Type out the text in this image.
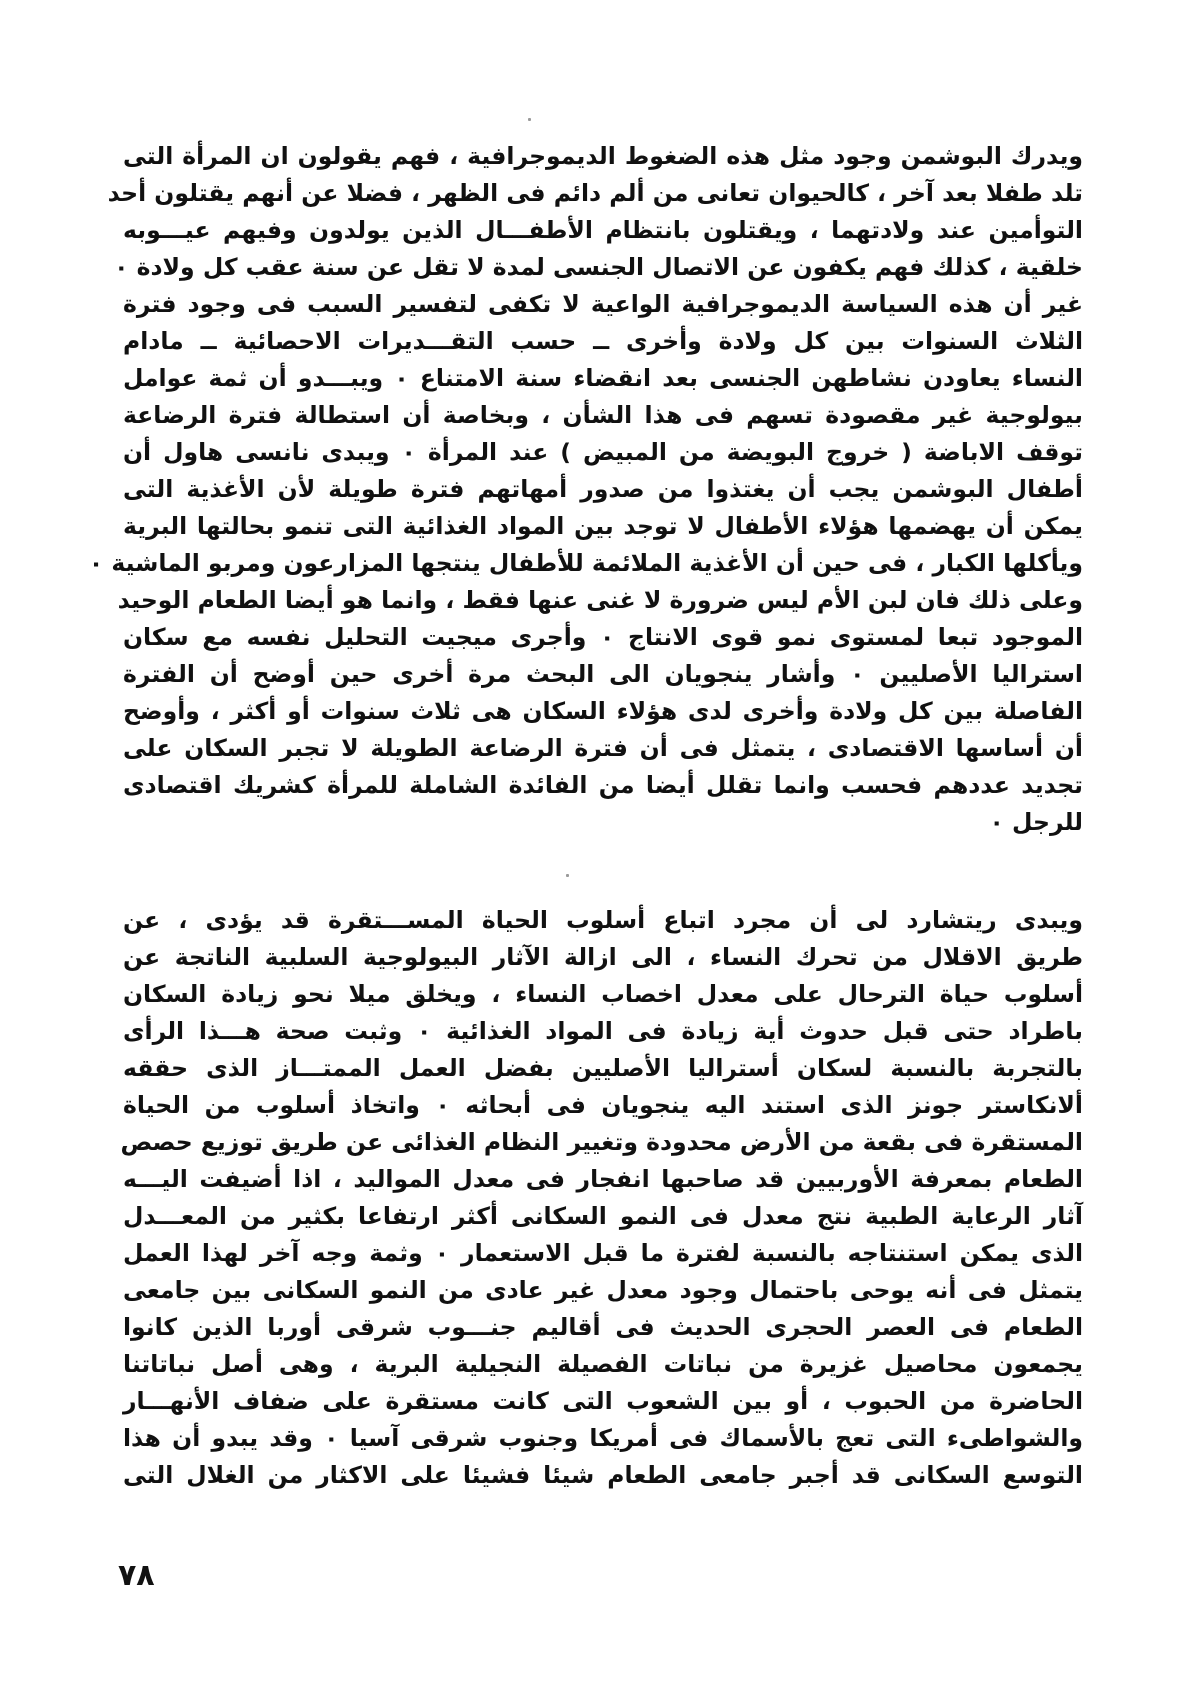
ويدرك البوشمن وجود مثل هذه الضغوط الديموجرافية ، فهم يقولون ان المرأة التى
تلد طفلا بعد آخر ، كالحيوان تعانى من ألم دائم فى الظهر ، فضلا عن أنهم يقتلون أحد
التوأمين عند ولادتهما ، ويقتلون بانتظام الأطفـــال الذين يولدون وفيهم عيـــوبه
خلقية ، كذلك فهم يكفون عن الاتصال الجنسى لمدة لا تقل عن سنة عقب كل ولادة ٠
غير أن هذه السياسة الديموجرافية الواعية لا تكفى لتفسير السبب فى وجود فترة
الثلاث السنوات بين كل ولادة وأخرى ــ حسب التقـــديرات الاحصائية ــ مادام
النساء يعاودن نشاطهن الجنسى بعد انقضاء سنة الامتناع ٠ ويبـــدو أن ثمة عوامل
بيولوجية غير مقصودة تسهم فى هذا الشأن ، وبخاصة أن استطالة فترة الرضاعة
توقف الاباضة ( خروج البويضة من المبيض ) عند المرأة ٠ ويبدى نانسى هاول أن
أطفال البوشمن يجب أن يغتذوا من صدور أمهاتهم فترة طويلة لأن الأغذية التى
يمكن أن يهضمها هؤلاء الأطفال لا توجد بين المواد الغذائية التى تنمو بحالتها البرية
ويأكلها الكبار ، فى حين أن الأغذية الملائمة للأطفال ينتجها المزارعون ومربو الماشية ٠
وعلى ذلك فان لبن الأم ليس ضرورة لا غنى عنها فقط ، وانما هو أيضا الطعام الوحيد
الموجود تبعا لمستوى نمو قوى الانتاج ٠ وأجرى ميجيت التحليل نفسه مع سكان
استراليا الأصليين ٠ وأشار ينجويان الى البحث مرة أخرى حين أوضح أن الفترة
الفاصلة بين كل ولادة وأخرى لدى هؤلاء السكان هى ثلاث سنوات أو أكثر ، وأوضح
أن أساسها الاقتصادى ، يتمثل فى أن فترة الرضاعة الطويلة لا تجبر السكان على
تجديد عددهم فحسب وانما تقلل أيضا من الفائدة الشاملة للمرأة كشريك اقتصادى
للرجل ٠
ويبدى ريتشارد لى أن مجرد اتباع أسلوب الحياة المســـتقرة قد يؤدى ، عن
طريق الاقلال من تحرك النساء ، الى ازالة الآثار البيولوجية السلبية الناتجة عن
أسلوب حياة الترحال على معدل اخصاب النساء ، ويخلق ميلا نحو زيادة السكان
باطراد حتى قبل حدوث أية زيادة فى المواد الغذائية ٠ وثبت صحة هـــذا الرأى
بالتجربة بالنسبة لسكان أستراليا الأصليين بفضل العمل الممتـــاز الذى حققه
ألانكاستر جونز الذى استند اليه ينجويان فى أبحاثه ٠ واتخاذ أسلوب من الحياة
المستقرة فى بقعة من الأرض محدودة وتغيير النظام الغذائى عن طريق توزيع حصص
الطعام بمعرفة الأوربيين قد صاحبها انفجار فى معدل المواليد ، اذا أضيفت اليـــه
آثار الرعاية الطبية نتج معدل فى النمو السكانى أكثر ارتفاعا بكثير من المعـــدل
الذى يمكن استنتاجه بالنسبة لفترة ما قبل الاستعمار ٠ وثمة وجه آخر لهذا العمل
يتمثل فى أنه يوحى باحتمال وجود معدل غير عادى من النمو السكانى بين جامعى
الطعام فى العصر الحجرى الحديث فى أقاليم جنـــوب شرقى أوربا الذين كانوا
يجمعون محاصيل غزيرة من نباتات الفصيلة النجيلية البرية ، وهى أصل نباتاتنا
الحاضرة من الحبوب ، أو بين الشعوب التى كانت مستقرة على ضفاف الأنهـــار
والشواطىء التى تعج بالأسماك فى أمريكا وجنوب شرقى آسيا ٠ وقد يبدو أن هذا
التوسع السكانى قد أجبر جامعى الطعام شيئا فشيئا على الاكثار من الغلال التى
٧٨
